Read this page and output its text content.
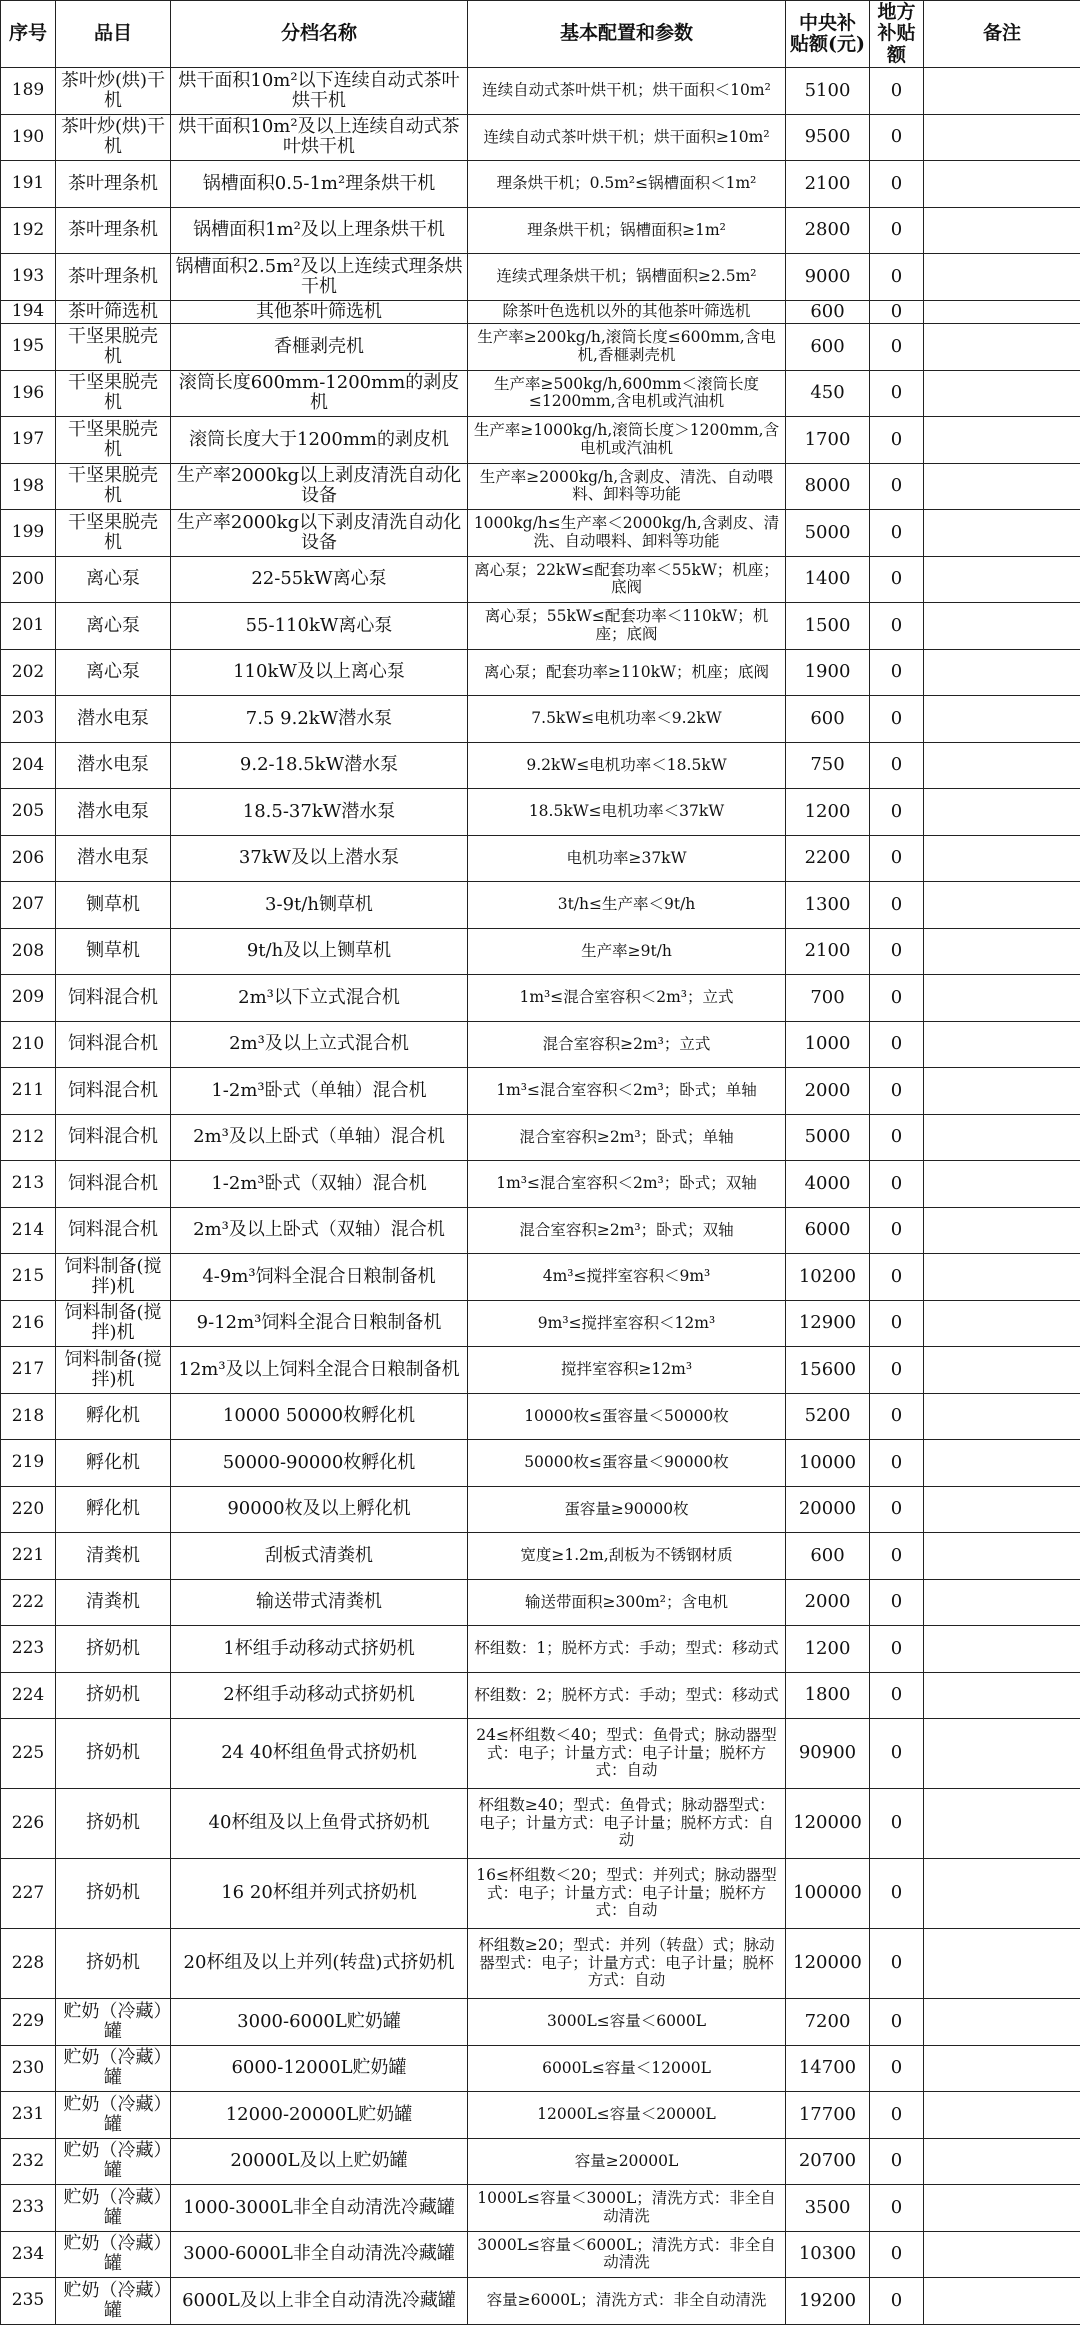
序号	品目	分档名称	基本配置和参数	中央补贴额(元)	地方补贴额	备注
189	茶叶炒(烘)干机	烘干面积10m²以下连续自动式茶叶烘干机	连续自动式茶叶烘干机；烘干面积＜10m²	5100	0	
190	茶叶炒(烘)干机	烘干面积10m²及以上连续自动式茶叶烘干机	连续自动式茶叶烘干机；烘干面积≥10m²	9500	0	
191	茶叶理条机	锅槽面积0.5-1m²理条烘干机	理条烘干机；0.5m²≤锅槽面积＜1m²	2100	0	
192	茶叶理条机	锅槽面积1m²及以上理条烘干机	理条烘干机；锅槽面积≥1m²	2800	0	
193	茶叶理条机	锅槽面积2.5m²及以上连续式理条烘干机	连续式理条烘干机；锅槽面积≥2.5m²	9000	0	
194	茶叶筛选机	其他茶叶筛选机	除茶叶色选机以外的其他茶叶筛选机	600	0	
195	干坚果脱壳机	香榧剥壳机	生产率≥200kg/h,滚筒长度≤600mm,含电机,香榧剥壳机	600	0	
196	干坚果脱壳机	滚筒长度600mm-1200mm的剥皮机	生产率≥500kg/h,600mm＜滚筒长度≤1200mm,含电机或汽油机	450	0	
197	干坚果脱壳机	滚筒长度大于1200mm的剥皮机	生产率≥1000kg/h,滚筒长度＞1200mm,含电机或汽油机	1700	0	
198	干坚果脱壳机	生产率2000kg以上剥皮清洗自动化设备	生产率≥2000kg/h,含剥皮、清洗、自动喂料、卸料等功能	8000	0	
199	干坚果脱壳机	生产率2000kg以下剥皮清洗自动化设备	1000kg/h≤生产率＜2000kg/h,含剥皮、清洗、自动喂料、卸料等功能	5000	0	
200	离心泵	22-55kW离心泵	离心泵；22kW≤配套功率＜55kW；机座；底阀	1400	0	
201	离心泵	55-110kW离心泵	离心泵；55kW≤配套功率＜110kW；机座；底阀	1500	0	
202	离心泵	110kW及以上离心泵	离心泵；配套功率≥110kW；机座；底阀	1900	0	
203	潜水电泵	7.5 9.2kW潜水泵	7.5kW≤电机功率＜9.2kW	600	0	
204	潜水电泵	9.2-18.5kW潜水泵	9.2kW≤电机功率＜18.5kW	750	0	
205	潜水电泵	18.5-37kW潜水泵	18.5kW≤电机功率＜37kW	1200	0	
206	潜水电泵	37kW及以上潜水泵	电机功率≥37kW	2200	0	
207	铡草机	3-9t/h铡草机	3t/h≤生产率＜9t/h	1300	0	
208	铡草机	9t/h及以上铡草机	生产率≥9t/h	2100	0	
209	饲料混合机	2m³以下立式混合机	1m³≤混合室容积＜2m³；立式	700	0	
210	饲料混合机	2m³及以上立式混合机	混合室容积≥2m³；立式	1000	0	
211	饲料混合机	1-2m³卧式（单轴）混合机	1m³≤混合室容积＜2m³；卧式；单轴	2000	0	
212	饲料混合机	2m³及以上卧式（单轴）混合机	混合室容积≥2m³；卧式；单轴	5000	0	
213	饲料混合机	1-2m³卧式（双轴）混合机	1m³≤混合室容积＜2m³；卧式；双轴	4000	0	
214	饲料混合机	2m³及以上卧式（双轴）混合机	混合室容积≥2m³；卧式；双轴	6000	0	
215	饲料制备(搅拌)机	4-9m³饲料全混合日粮制备机	4m³≤搅拌室容积＜9m³	10200	0	
216	饲料制备(搅拌)机	9-12m³饲料全混合日粮制备机	9m³≤搅拌室容积＜12m³	12900	0	
217	饲料制备(搅拌)机	12m³及以上饲料全混合日粮制备机	搅拌室容积≥12m³	15600	0	
218	孵化机	10000 50000枚孵化机	10000枚≤蛋容量＜50000枚	5200	0	
219	孵化机	50000-90000枚孵化机	50000枚≤蛋容量＜90000枚	10000	0	
220	孵化机	90000枚及以上孵化机	蛋容量≥90000枚	20000	0	
221	清粪机	刮板式清粪机	宽度≥1.2m,刮板为不锈钢材质	600	0	
222	清粪机	输送带式清粪机	输送带面积≥300m²；含电机	2000	0	
223	挤奶机	1杯组手动移动式挤奶机	杯组数：1；脱杯方式：手动；型式：移动式	1200	0	
224	挤奶机	2杯组手动移动式挤奶机	杯组数：2；脱杯方式：手动；型式：移动式	1800	0	
225	挤奶机	24 40杯组鱼骨式挤奶机	24≤杯组数＜40；型式：鱼骨式；脉动器型式：电子；计量方式：电子计量；脱杯方式：自动	90900	0	
226	挤奶机	40杯组及以上鱼骨式挤奶机	杯组数≥40；型式：鱼骨式；脉动器型式：电子；计量方式：电子计量；脱杯方式：自动	120000	0	
227	挤奶机	16 20杯组并列式挤奶机	16≤杯组数＜20；型式：并列式；脉动器型式：电子；计量方式：电子计量；脱杯方式：自动	100000	0	
228	挤奶机	20杯组及以上并列(转盘)式挤奶机	杯组数≥20；型式：并列（转盘）式；脉动器型式：电子；计量方式：电子计量；脱杯方式：自动	120000	0	
229	贮奶（冷藏）罐	3000-6000L贮奶罐	3000L≤容量＜6000L	7200	0	
230	贮奶（冷藏）罐	6000-12000L贮奶罐	6000L≤容量＜12000L	14700	0	
231	贮奶（冷藏）罐	12000-20000L贮奶罐	12000L≤容量＜20000L	17700	0	
232	贮奶（冷藏）罐	20000L及以上贮奶罐	容量≥20000L	20700	0	
233	贮奶（冷藏）罐	1000-3000L非全自动清洗冷藏罐	1000L≤容量＜3000L；清洗方式：非全自动清洗	3500	0	
234	贮奶（冷藏）罐	3000-6000L非全自动清洗冷藏罐	3000L≤容量＜6000L；清洗方式：非全自动清洗	10300	0	
235	贮奶（冷藏）罐	6000L及以上非全自动清洗冷藏罐	容量≥6000L；清洗方式：非全自动清洗	19200	0	
